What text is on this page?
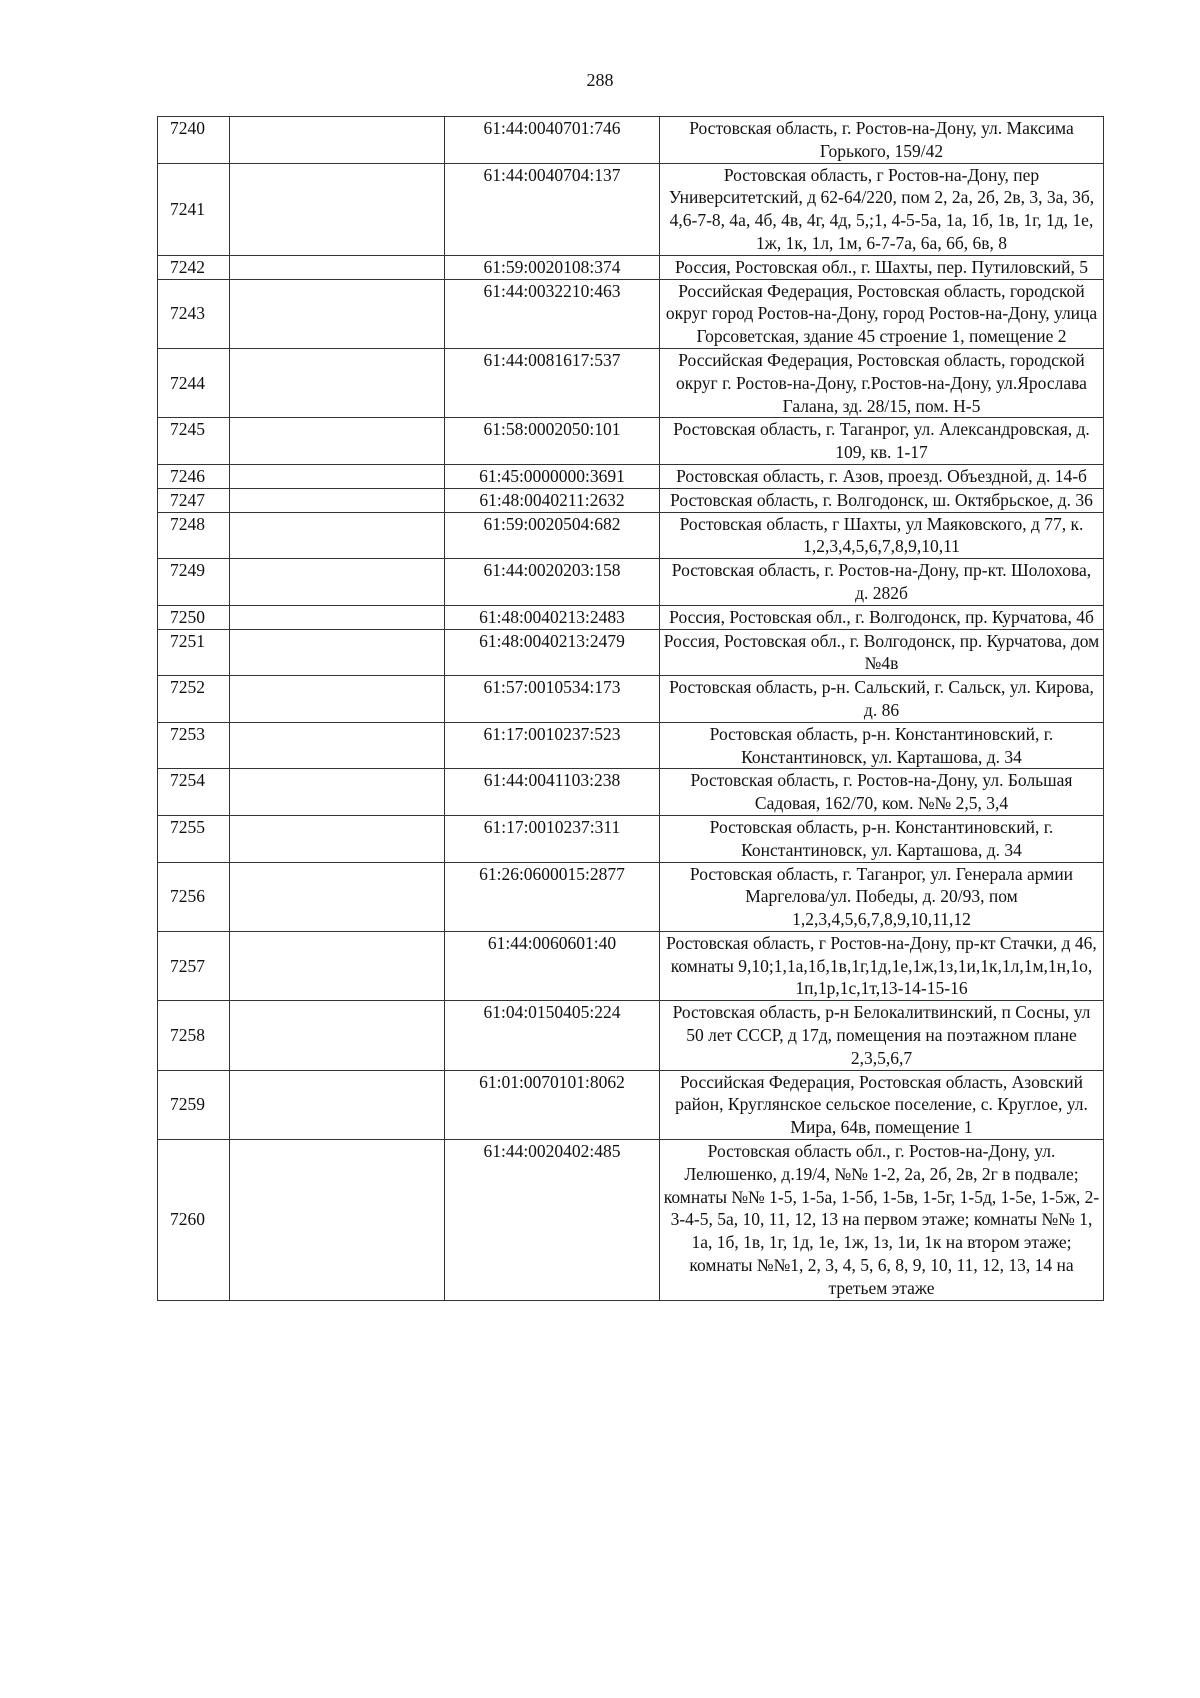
288
7240		61:44:0040701:746	Ростовская область, г. Ростов-на-Дону, ул. Максима Горького, 159/42
7241		61:44:0040704:137	Ростовская область, г Ростов-на-Дону, пер Университетский, д 62-64/220, пом 2, 2а, 2б, 2в, 3, 3а, 3б, 4,6-7-8, 4а, 4б, 4в, 4г, 4д, 5,;1, 4-5-5а, 1а, 1б, 1в, 1г, 1д, 1е, 1ж, 1к, 1л, 1м, 6-7-7а, 6а, 6б, 6в, 8
7242		61:59:0020108:374	Россия, Ростовская обл., г. Шахты, пер. Путиловский, 5
7243		61:44:0032210:463	Российская Федерация, Ростовская область, городской округ город Ростов-на-Дону, город Ростов-на-Дону, улица Горсоветская, здание 45 строение 1, помещение 2
7244		61:44:0081617:537	Российская Федерация, Ростовская область, городской округ г. Ростов-на-Дону, г.Ростов-на-Дону, ул.Ярослава Галана, зд. 28/15, пом. Н-5
7245		61:58:0002050:101	Ростовская область, г. Таганрог, ул. Александровская, д. 109, кв. 1-17
7246		61:45:0000000:3691	Ростовская область, г. Азов, проезд. Объездной, д. 14-б
7247		61:48:0040211:2632	Ростовская область, г. Волгодонск, ш. Октябрьское, д. 36
7248		61:59:0020504:682	Ростовская область, г Шахты, ул Маяковского, д 77, к. 1,2,3,4,5,6,7,8,9,10,11
7249		61:44:0020203:158	Ростовская область, г. Ростов-на-Дону, пр-кт. Шолохова, д. 282б
7250		61:48:0040213:2483	Россия, Ростовская обл., г. Волгодонск, пр. Курчатова, 4б
7251		61:48:0040213:2479	Россия, Ростовская обл., г. Волгодонск, пр. Курчатова, дом №4в
7252		61:57:0010534:173	Ростовская область, р-н. Сальский, г. Сальск, ул. Кирова, д. 86
7253		61:17:0010237:523	Ростовская область, р-н. Константиновский, г. Константиновск, ул. Карташова, д. 34
7254		61:44:0041103:238	Ростовская область, г. Ростов-на-Дону, ул. Большая Садовая, 162/70, ком. №№ 2,5, 3,4
7255		61:17:0010237:311	Ростовская область, р-н. Константиновский, г. Константиновск, ул. Карташова, д. 34
7256		61:26:0600015:2877	Ростовская область, г. Таганрог, ул. Генерала армии Маргелова/ул. Победы, д. 20/93, пом 1,2,3,4,5,6,7,8,9,10,11,12
7257		61:44:0060601:40	Ростовская область, г Ростов-на-Дону, пр-кт Стачки, д 46, комнаты 9,10;1,1а,1б,1в,1г,1д,1е,1ж,1з,1и,1к,1л,1м,1н,1о, 1п,1р,1с,1т,13-14-15-16
7258		61:04:0150405:224	Ростовская область, р-н Белокалитвинский, п Сосны, ул 50 лет СССР, д 17д, помещения на поэтажном плане 2,3,5,6,7
7259		61:01:0070101:8062	Российская Федерация, Ростовская область, Азовский район, Круглянское сельское поселение, с. Круглое, ул. Мира, 64в, помещение 1
7260		61:44:0020402:485	Ростовская область обл., г. Ростов-на-Дону, ул. Лелюшенко, д.19/4, №№ 1-2, 2а, 2б, 2в, 2г в подвале; комнаты №№ 1-5, 1-5а, 1-5б, 1-5в, 1-5г, 1-5д, 1-5е, 1-5ж, 2-3-4-5, 5а, 10, 11, 12, 13 на первом этаже; комнаты №№ 1, 1а, 1б, 1в, 1г, 1д, 1е, 1ж, 1з, 1и, 1к на втором этаже; комнаты №№1, 2, 3, 4, 5, 6, 8, 9, 10, 11, 12, 13, 14 на третьем этаже
